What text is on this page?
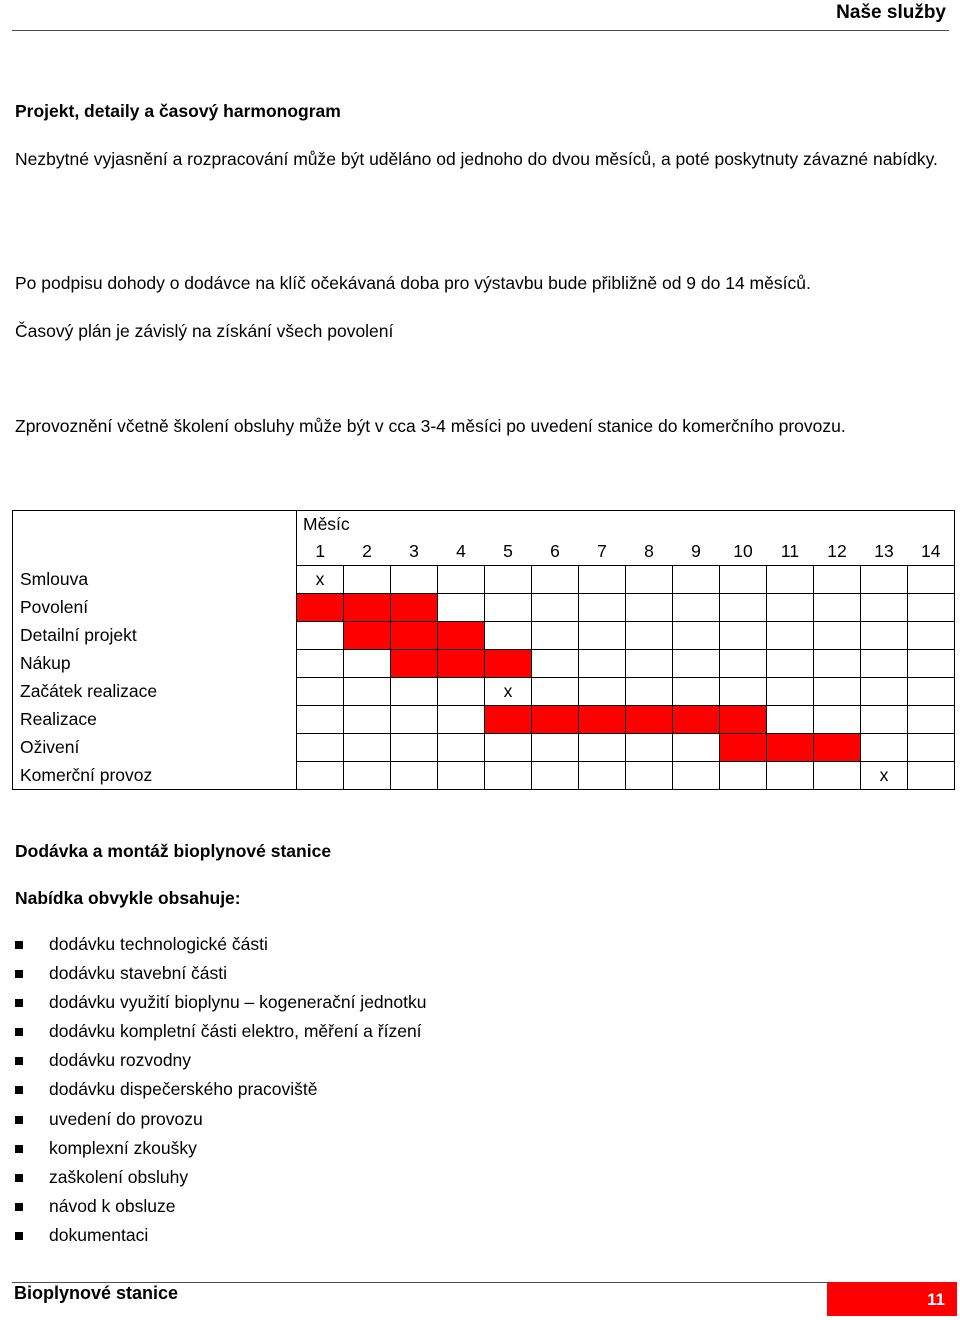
Naše služby
Projekt, detaily a časový harmonogram
Nezbytné vyjasnění a rozpracování může být uděláno od jednoho do dvou měsíců, a poté poskytnuty závazné nabídky.
Po podpisu dohody o dodávce na klíč očekávaná doba pro výstavbu bude přibližně od 9 do 14 měsíců.
Časový plán je závislý na získání všech povolení
Zprovoznění včetně školení obsluhy může být v cca 3-4 měsíci po uvedení stanice do komerčního provozu.
	Měsíc													
	1	2	3	4	5	6	7	8	9	10	11	12	13	14
Smlouva	x													
Povolení														
Detailní projekt														
Nákup														
Začátek realizace					x									
Realizace														
Oživení														
Komerční provoz													x	
Dodávka a montáž bioplynové stanice
Nabídka obvykle obsahuje:
dodávku technologické části
dodávku stavební části
dodávku využití bioplynu – kogenerační jednotku
dodávku kompletní části elektro, měření a řízení
dodávku rozvodny
dodávku dispečerského pracoviště
uvedení do provozu
komplexní zkoušky
zaškolení obsluhy
návod k obsluze
dokumentaci
Bioplynové stanice	11
